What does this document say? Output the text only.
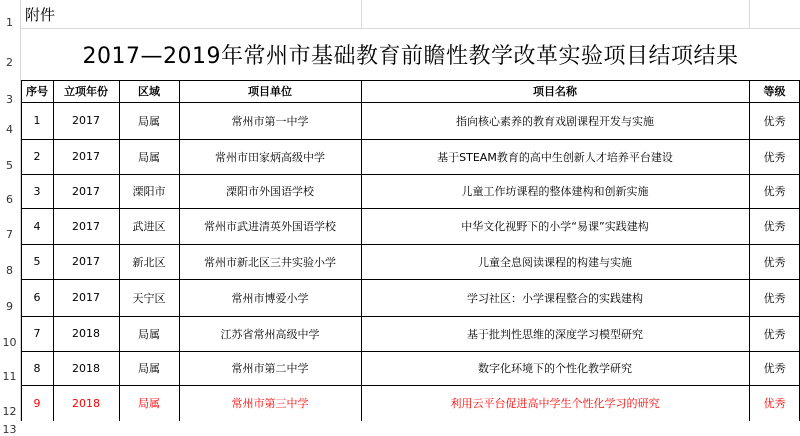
1
2
3
4
5
6
7
8
9
10
11
12
13
附件
2017—2019年常州市基础教育前瞻性教学改革实验项目结项结果
序号	立项年份	区域	项目单位	项目名称	等级
1	2017	局属	常州市第一中学	指向核心素养的教育戏剧课程开发与实施	优秀
2	2017	局属	常州市田家炳高级中学	基于STEAM教育的高中生创新人才培养平台建设	优秀
3	2017	溧阳市	溧阳市外国语学校	儿童工作坊课程的整体建构和创新实施	优秀
4	2017	武进区	常州市武进清英外国语学校	中华文化视野下的小学“易课”实践建构	优秀
5	2017	新北区	常州市新北区三井实验小学	儿童全息阅读课程的构建与实施	优秀
6	2017	天宁区	常州市博爱小学	学习社区：小学课程整合的实践建构	优秀
7	2018	局属	江苏省常州高级中学	基于批判性思维的深度学习模型研究	优秀
8	2018	局属	常州市第二中学	数字化环境下的个性化教学研究	优秀
9	2018	局属	常州市第三中学	利用云平台促进高中学生个性化学习的研究	优秀
